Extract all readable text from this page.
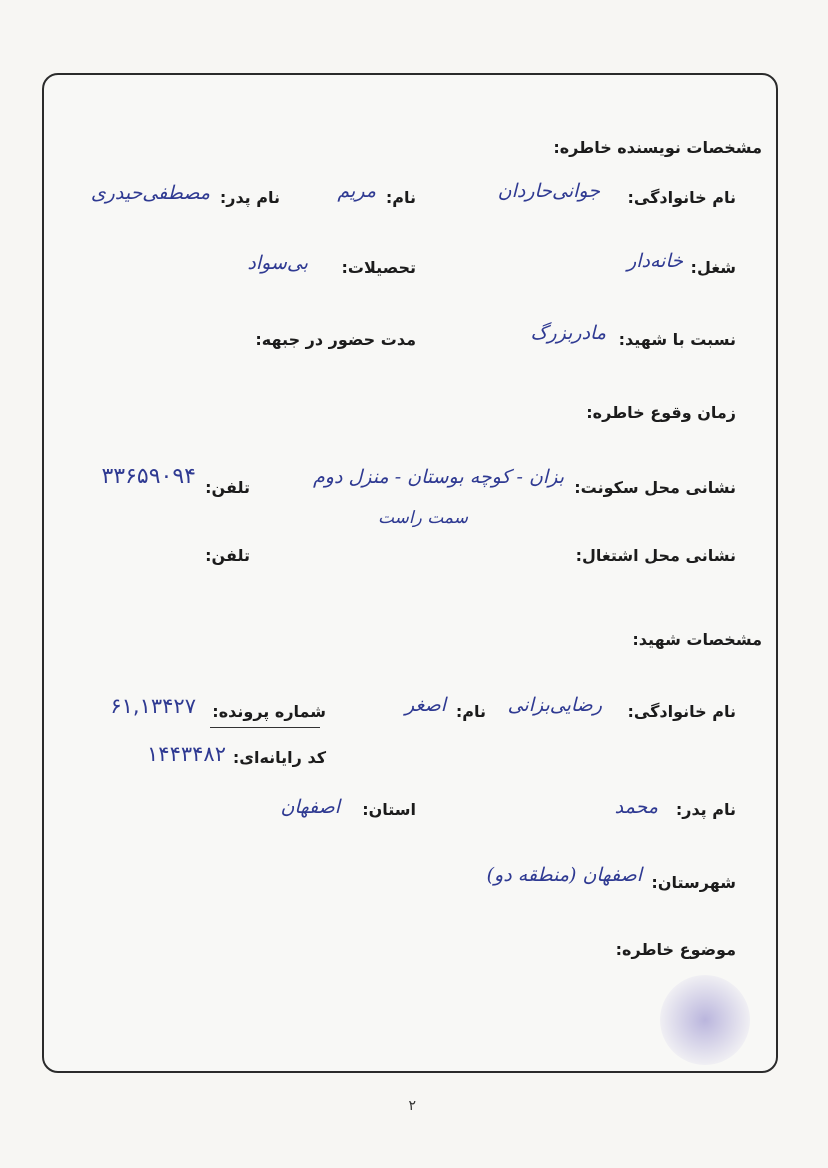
مشخصات نویسنده خاطره:
نام خانوادگی:
جوانی‌حاردان
نام:
مریم
نام پدر:
مصطفی‌حیدری
شغل:
خانه‌دار
تحصیلات:
بی‌سواد
نسبت با شهید:
مادربزرگ
مدت حضور در جبهه:
زمان وقوع خاطره:
نشانی محل سکونت:
بزان - کوچه بوستان - منزل دوم
سمت راست
تلفن:
۳۳۶۵۹۰۹۴
نشانی محل اشتغال:
تلفن:
مشخصات شهید:
نام خانوادگی:
رضایی‌بزانی
نام:
اصغر
شماره پرونده:
۶۱,۱۳۴۲۷
کد رایانه‌ای:
۱۴۴۳۴۸۲
نام پدر:
محمد
استان:
اصفهان
شهرستان:
اصفهان (منطقه دو)
موضوع خاطره:
۲
